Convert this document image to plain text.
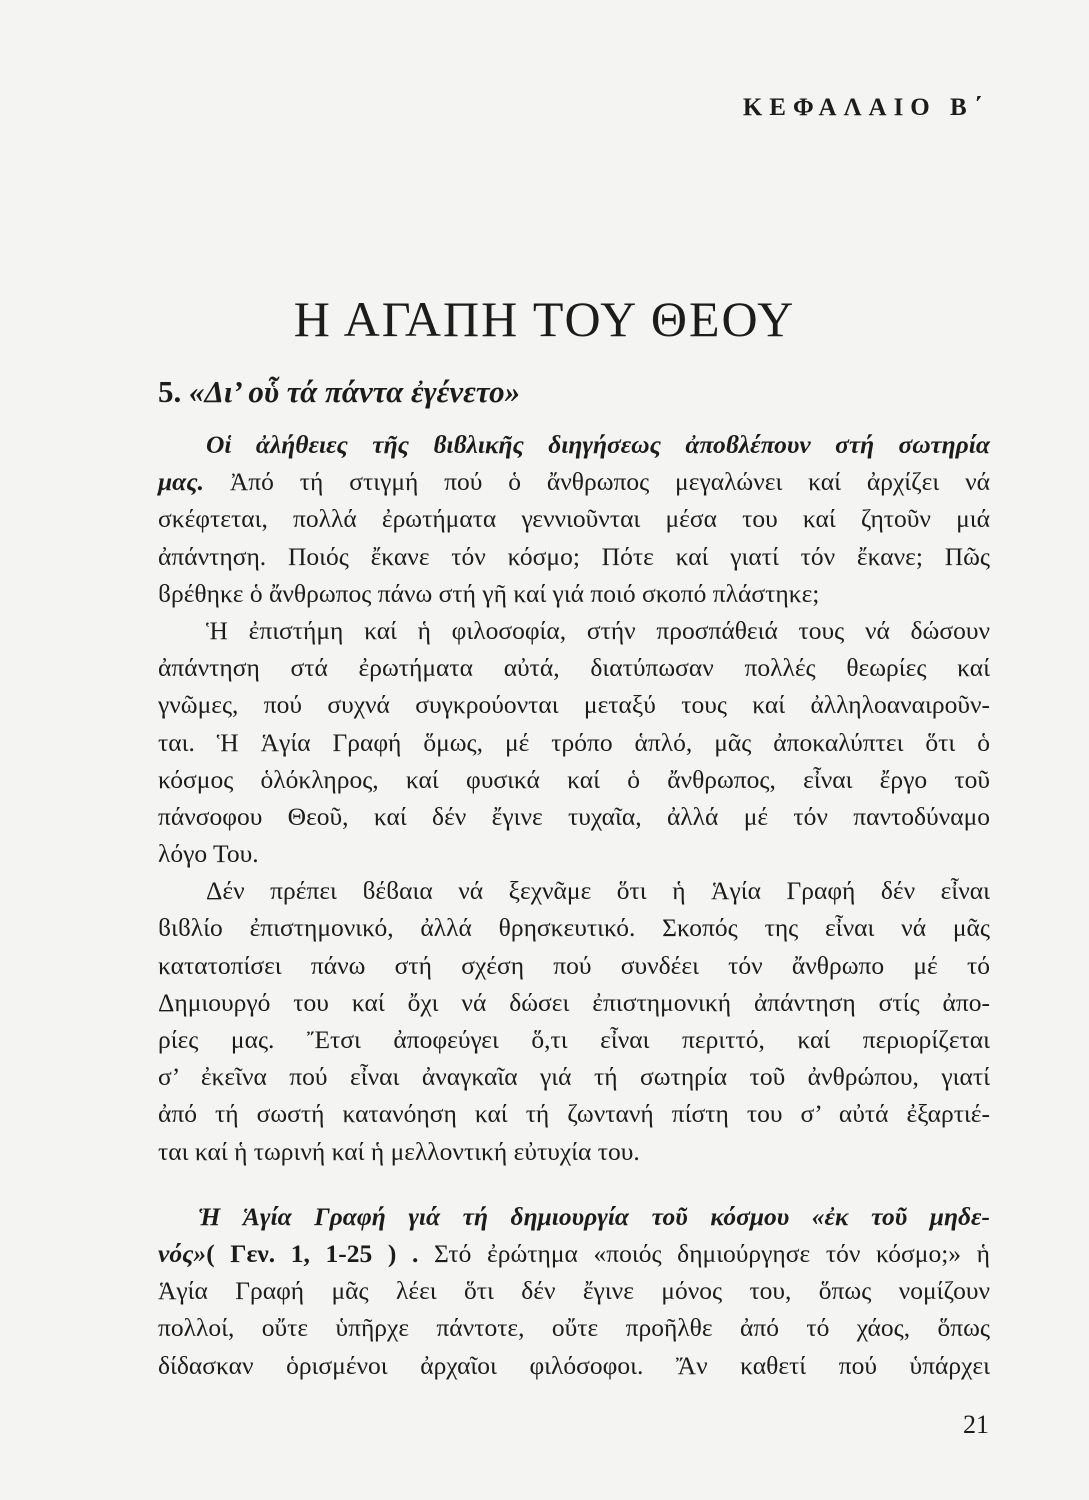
ΚΕΦΑΛΑΙΟ Β΄
Η ΑΓΑΠΗ ΤΟΥ ΘΕΟΥ
5. «Δι’ οὗ τά πάντα ἐγένετο»
Οἱ ἀλήθειες τῆς ϐιϐλικῆς διηγήσεως ἀποϐλέπουν στή σωτηρία
μας. Ἀπό τή στιγμή πού ὁ ἄνθρωπος μεγαλώνει καί ἀρχίζει νά
σκέφτεται, πολλά ἐρωτήματα γεννιοῦνται μέσα του καί ζητοῦν μιά
ἀπάντηση. Ποιός ἔκανε τόν κόσμο; Πότε καί γιατί τόν ἔκανε; Πῶς
ϐρέθηκε ὁ ἄνθρωπος πάνω στή γῆ καί γιά ποιό σκοπό πλάστηκε;
Ἡ ἐπιστήμη καί ἡ φιλοσοφία, στήν προσπάθειά τους νά δώσουν
ἀπάντηση στά ἐρωτήματα αὐτά, διατύπωσαν πολλές θεωρίες καί
γνῶμες, πού συχνά συγκρούονται μεταξύ τους καί ἀλληλοαναιροῦν-
ται. Ἡ Ἁγία Γραφή ὅμως, μέ τρόπο ἁπλό, μᾶς ἀποκαλύπτει ὅτι ὁ
κόσμος ὁλόκληρος, καί φυσικά καί ὁ ἄνθρωπος, εἶναι ἔργο τοῦ
πάνσοφου Θεοῦ, καί δέν ἔγινε τυχαῖα, ἀλλά μέ τόν παντοδύναμο
λόγο Του.
Δέν πρέπει ϐέϐαια νά ξεχνᾶμε ὅτι ἡ Ἁγία Γραφή δέν εἶναι
ϐιϐλίο ἐπιστημονικό, ἀλλά θρησκευτικό. Σκοπός της εἶναι νά μᾶς
κατατοπίσει πάνω στή σχέση πού συνδέει τόν ἄνθρωπο μέ τό
Δημιουργό του καί ὄχι νά δώσει ἐπιστημονική ἀπάντηση στίς ἀπο-
ρίες μας. Ἔτσι ἀποφεύγει ὅ,τι εἶναι περιττό, καί περιορίζεται
σ’ ἐκεῖνα πού εἶναι ἀναγκαῖα γιά τή σωτηρία τοῦ ἀνθρώπου, γιατί
ἀπό τή σωστή κατανόηση καί τή ζωντανή πίστη του σ’ αὐτά ἐξαρτιέ-
ται καί ἡ τωρινή καί ἡ μελλοντική εὐτυχία του.
Ἡ Ἁγία Γραφή γιά τή δημιουργία τοῦ κόσμου «ἐκ τοῦ μηδε-
νός»( Γεν. 1, 1-25 ) . Στό ἐρώτημα «ποιός δημιούργησε τόν κόσμο;» ἡ
Ἁγία Γραφή μᾶς λέει ὅτι δέν ἔγινε μόνος του, ὅπως νομίζουν
πολλοί, οὔτε ὑπῆρχε πάντοτε, οὔτε προῆλθε ἀπό τό χάος, ὅπως
δίδασκαν ὁρισμένοι ἀρχαῖοι φιλόσοφοι. Ἄν καθετί πού ὑπάρχει
21
